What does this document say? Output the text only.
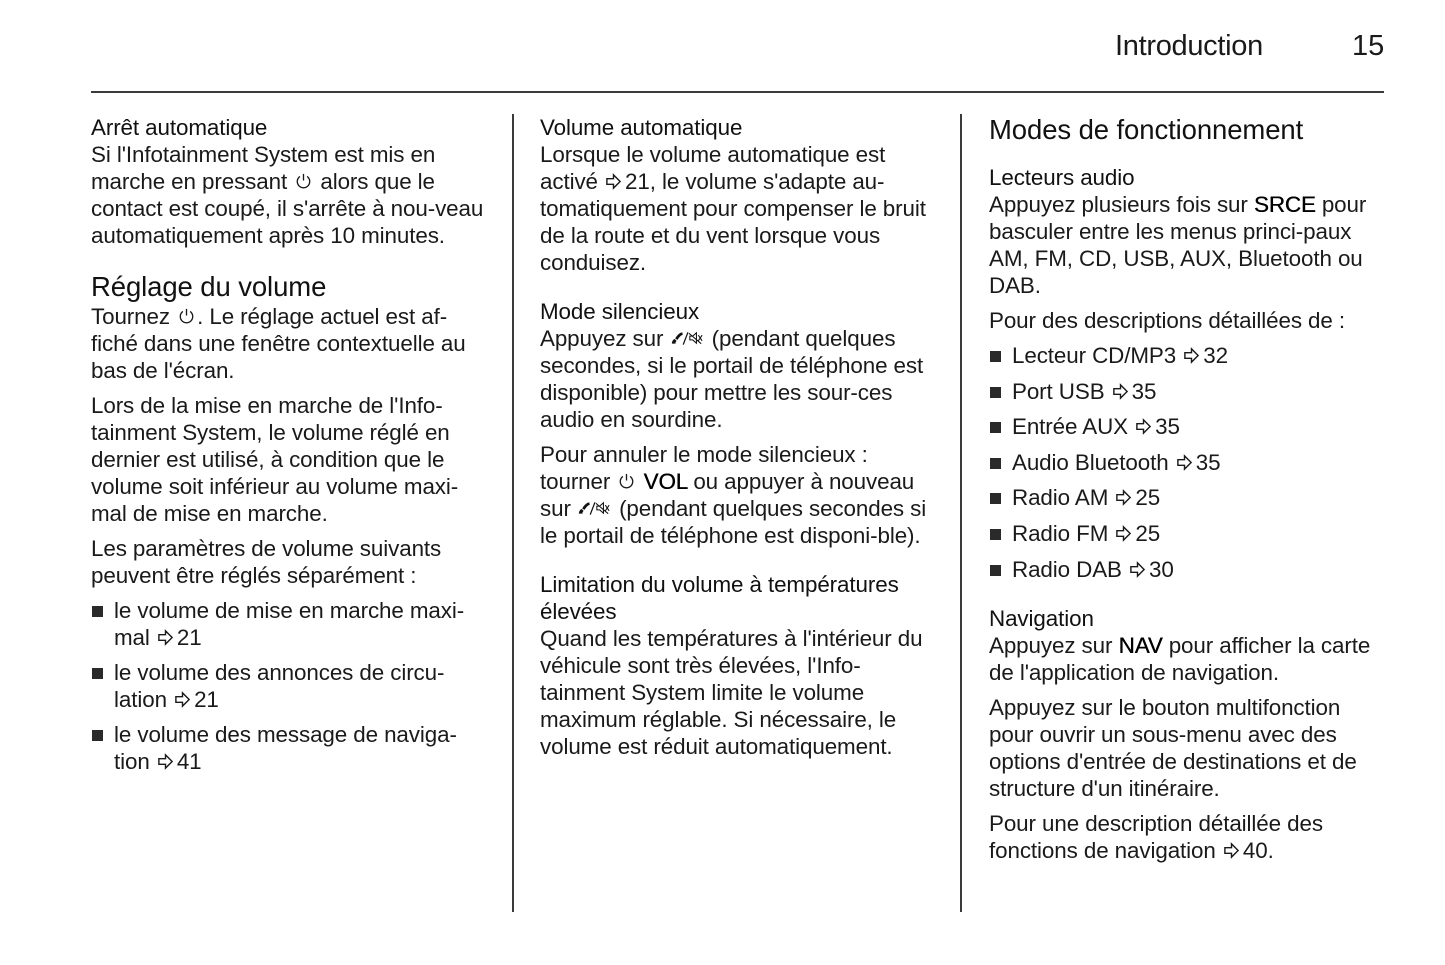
Introduction	15
Arrêt automatique

Si l'Infotainment System est mis en marche en pressant alors que le contact est coupé, il s'arrête à nou-veau automatiquement après 10 minutes.

Réglage du volume

Tournez . Le réglage actuel est af-fiché dans une fenêtre contextuelle au bas de l'écran.

Lors de la mise en marche de l'Info-tainment System, le volume réglé en dernier est utilisé, à condition que le volume soit inférieur au volume maxi-mal de mise en marche.

Les paramètres de volume suivants peuvent être réglés séparément :

le volume de mise en marche maxi-mal 21
le volume des annonces de circu-lation 21
le volume des message de naviga-tion 41
Volume automatique

Lorsque le volume automatique est activé 21, le volume s'adapte au-tomatiquement pour compenser le bruit de la route et du vent lorsque vous conduisez.

Mode silencieux

Appuyez sur (pendant quelques secondes, si le portail de téléphone est disponible) pour mettre les sour-ces audio en sourdine.

Pour annuler le mode silencieux : tourner VOL ou appuyer à nouveau sur (pendant quelques secondes si le portail de téléphone est disponi-ble).

Limitation du volume à températures élevées

Quand les températures à l'intérieur du véhicule sont très élevées, l'Info-tainment System limite le volume maximum réglable. Si nécessaire, le volume est réduit automatiquement.

Modes de fonctionnement
Lecteurs audio

Appuyez plusieurs fois sur SRCE pour basculer entre les menus princi-paux AM, FM, CD, USB, AUX, Bluetooth ou DAB.

Pour des descriptions détaillées de :

Lecteur CD/MP3 32
Port USB 35
Entrée AUX 35
Audio Bluetooth 35
Radio AM 25
Radio FM 25
Radio DAB 30
Navigation

Appuyez sur NAV pour afficher la carte de l'application de navigation.

Appuyez sur le bouton multifonction pour ouvrir un sous-menu avec des options d'entrée de destinations et de structure d'un itinéraire.

Pour une description détaillée des fonctions de navigation 40.
